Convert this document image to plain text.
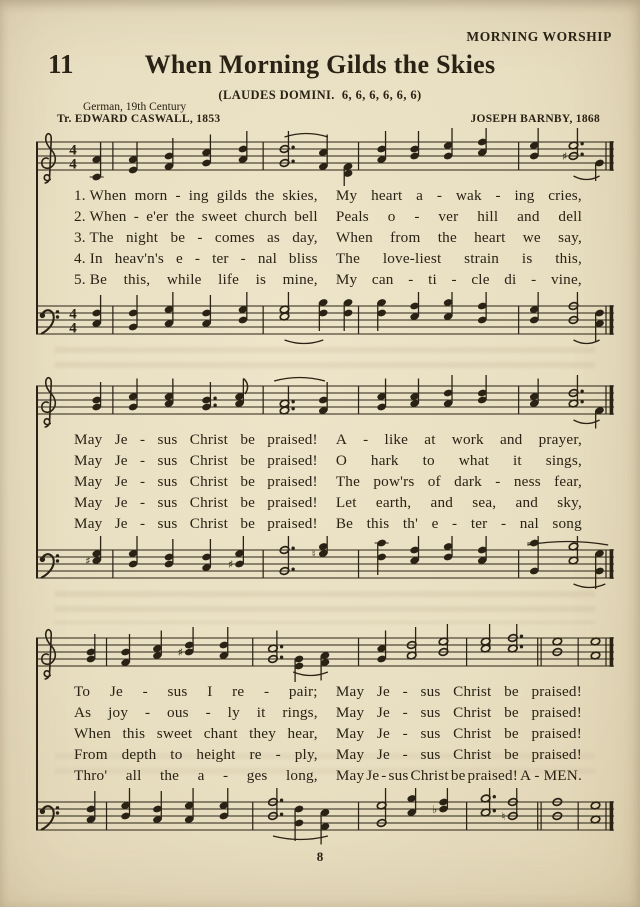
MORNING WORSHIP
11	When Morning Gilds the Skies
(LAUDES DOMINI.  6, 6, 6, 6, 6, 6)
German, 19th Century
Tr. EDWARD CASWALL, 1853	JOSEPH BARNBY, 1868
4
4	♯
1. When morn - ing gilds the skies, My heart a - wak - ing cries,
2. When - e'er the sweet church bell Peals o - ver hill and dell
3. The night be - comes as day, When from the heart we say,
4. In heav'n's e - ter - nal bliss The love-liest strain is this,
5. Be this, while life is mine, My can - ti - cle di - vine,
4
4
May Je - sus Christ be praised! A - like at work and prayer,
May Je - sus Christ be praised! O hark to what it sings,
May Je - sus Christ be praised! The pow'rs of dark - ness fear,
May Je - sus Christ be praised! Let earth, and sea, and sky,
May Je - sus Christ be praised! Be this th' e - ter - nal song
♯	♯
♮
♯
To Je - sus I re - pair; May Je - sus Christ be praised!
As joy - ous - ly it rings, May Je - sus Christ be praised!
When this sweet chant they hear, May Je - sus Christ be praised!
From depth to height re - ply, May Je - sus Christ be praised!
Thro' all the a - ges long, May Je - sus Christ be praised! A - MEN.
♭
♮
8
